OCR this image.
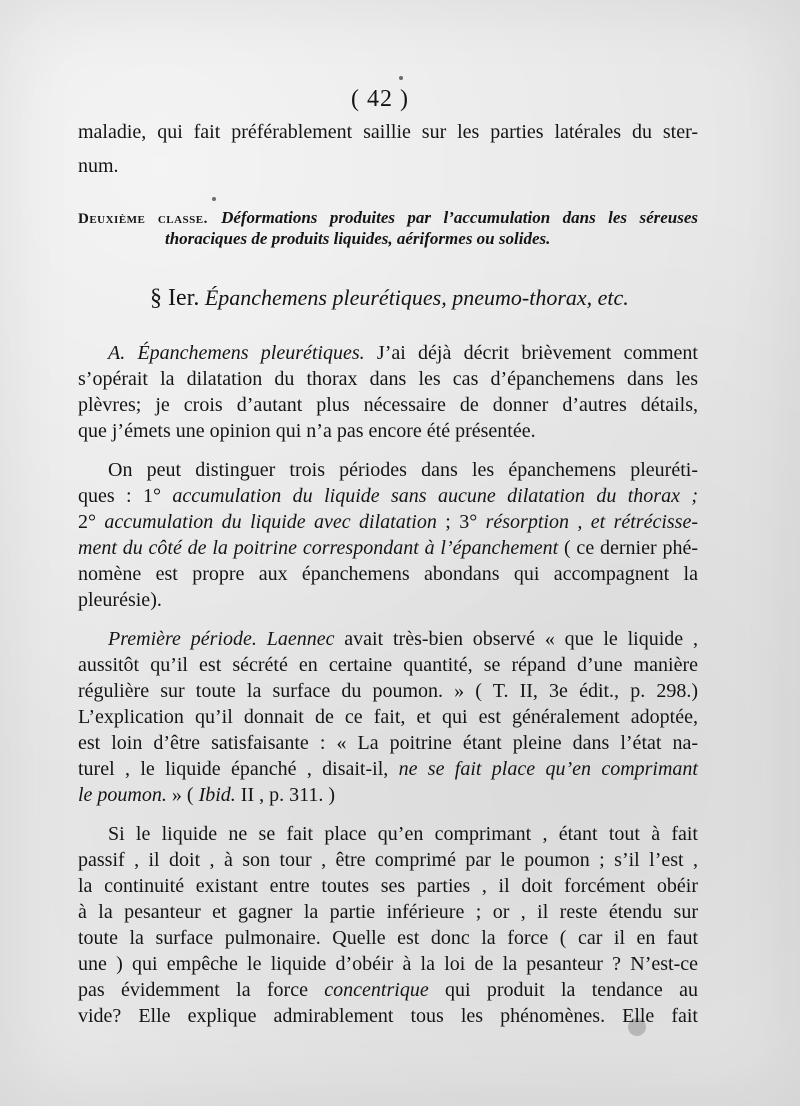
( 42 )
maladie, qui fait préférablement saillie sur les parties latérales du ster-
num.
Deuxième classe. Déformations produites par l’accumulation dans les séreuses
thoraciques de produits liquides, aériformes ou solides.
§ Ier. Épanchemens pleurétiques, pneumo-thorax, etc.
A. Épanchemens pleurétiques. J’ai déjà décrit brièvement comment
s’opérait la dilatation du thorax dans les cas d’épanchemens dans les
plèvres; je crois d’autant plus nécessaire de donner d’autres détails,
que j’émets une opinion qui n’a pas encore été présentée.
On peut distinguer trois périodes dans les épanchemens pleuréti-
ques : 1° accumulation du liquide sans aucune dilatation du thorax ;
2° accumulation du liquide avec dilatation ; 3° résorption , et rétrécisse-
ment du côté de la poitrine correspondant à l’épanchement ( ce dernier phé-
nomène est propre aux épanchemens abondans qui accompagnent la
pleurésie).
Première période. Laennec avait très-bien observé « que le liquide ,
aussitôt qu’il est sécrété en certaine quantité, se répand d’une manière
régulière sur toute la surface du poumon. » ( T. II, 3e édit., p. 298.)
L’explication qu’il donnait de ce fait, et qui est généralement adoptée,
est loin d’être satisfaisante : « La poitrine étant pleine dans l’état na-
turel , le liquide épanché , disait-il, ne se fait place qu’en comprimant
le poumon. » ( Ibid. II , p. 311. )
Si le liquide ne se fait place qu’en comprimant , étant tout à fait
passif , il doit , à son tour , être comprimé par le poumon ; s’il l’est ,
la continuité existant entre toutes ses parties , il doit forcément obéir
à la pesanteur et gagner la partie inférieure ; or , il reste étendu sur
toute la surface pulmonaire. Quelle est donc la force ( car il en faut
une ) qui empêche le liquide d’obéir à la loi de la pesanteur ? N’est-ce
pas évidemment la force concentrique qui produit la tendance au
vide? Elle explique admirablement tous les phénomènes. Elle fait
